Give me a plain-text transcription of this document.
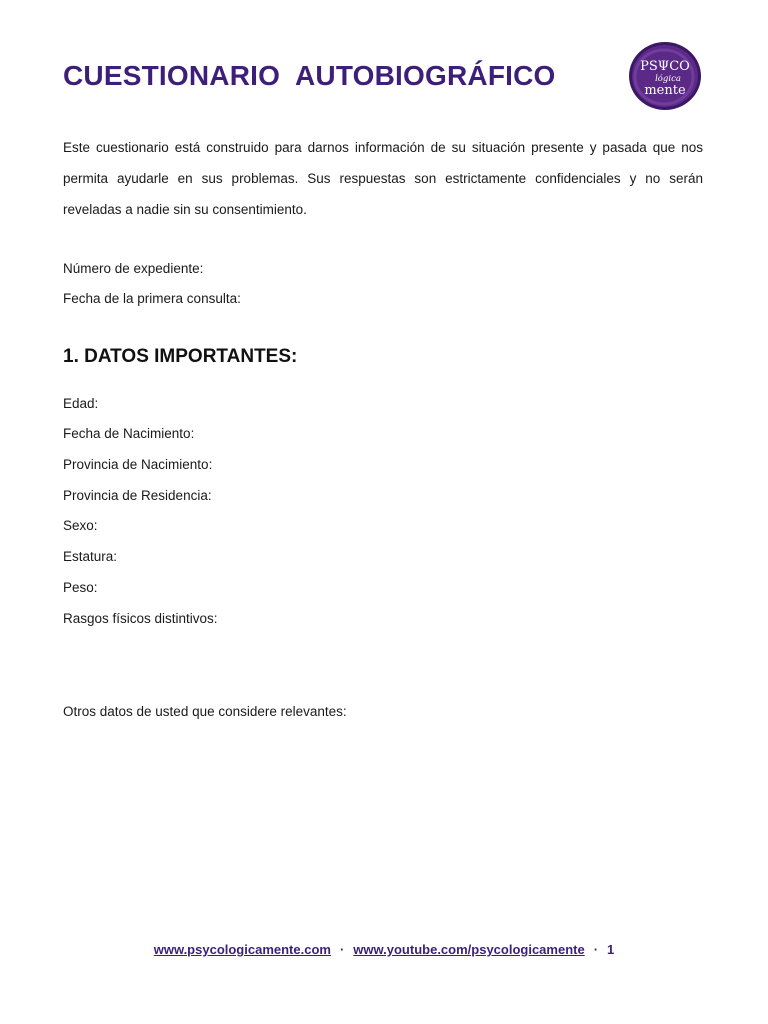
CUESTIONARIO  AUTOBIOGRÁFICO	PSΨCO
lógica
mente

Este cuestionario está construido para darnos información de su situación presente y pasada que nos permita ayudarle en sus problemas. Sus respuestas son estrictamente confidenciales y no serán reveladas a nadie sin su consentimiento.

Número de expediente:

Fecha de la primera consulta:

1. DATOS IMPORTANTES:

Edad:

Fecha de Nacimiento:

Provincia de Nacimiento:

Provincia de Residencia:

Sexo:

Estatura:

Peso:

Rasgos físicos distintivos:

Otros datos de usted que considere relevantes:

www.psycologicamente.com · www.youtube.com/psycologicamente · 1
